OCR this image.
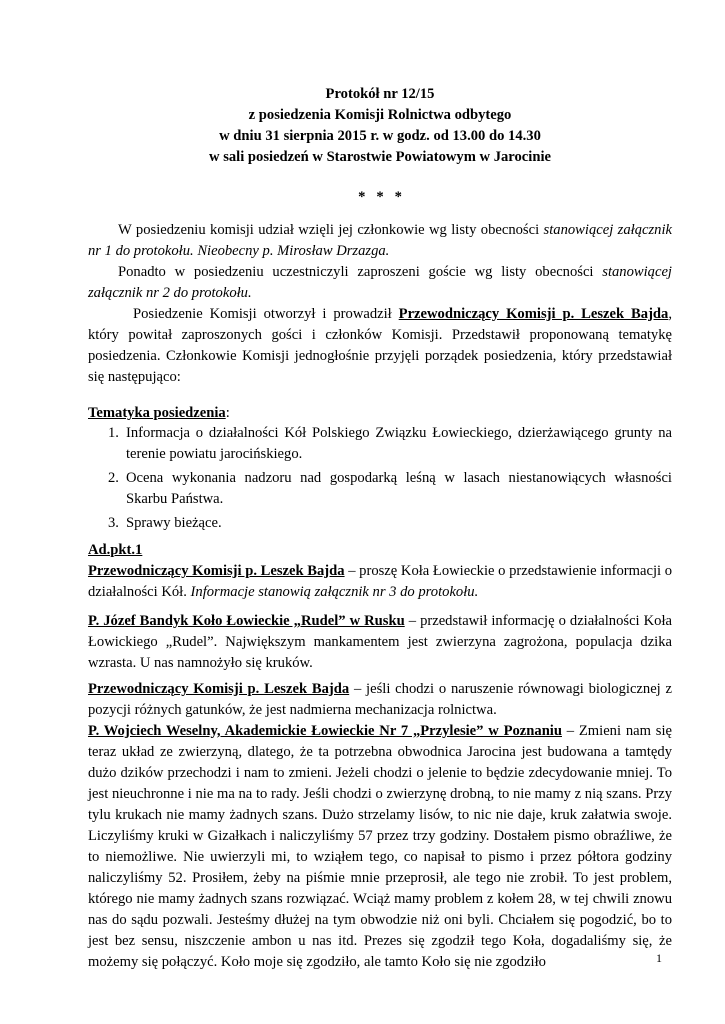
Protokół nr 12/15
z posiedzenia Komisji Rolnictwa odbytego
w dniu 31 sierpnia 2015 r. w godz. od 13.00 do 14.30
w sali posiedzeń w Starostwie Powiatowym w Jarocinie
*   *   *

W posiedzeniu komisji udział wzięli jej członkowie wg listy obecności stanowiącej załącznik nr 1 do protokołu. Nieobecny p. Mirosław Drzazga.

Ponadto w posiedzeniu uczestniczyli zaproszeni goście wg listy obecności stanowiącej załącznik nr 2 do protokołu.

Posiedzenie Komisji otworzył i prowadził Przewodniczący Komisji p. Leszek Bajda, który powitał zaproszonych gości i członków Komisji. Przedstawił proponowaną tematykę posiedzenia. Członkowie Komisji jednogłośnie przyjęli porządek posiedzenia, który przedstawiał się następująco:

Tematyka posiedzenia:
1. Informacja o działalności Kół Polskiego Związku Łowieckiego, dzierżawiącego grunty na terenie powiatu jarocińskiego.
2. Ocena wykonania nadzoru nad gospodarką leśną w lasach niestanowiących własności Skarbu Państwa.
3. Sprawy bieżące.

Ad.pkt.1

Przewodniczący Komisji p. Leszek Bajda – proszę Koła Łowieckie o przedstawienie informacji o działalności Kół. Informacje stanowią załącznik nr 3 do protokołu.

P. Józef Bandyk Koło Łowieckie „Rudel” w Rusku – przedstawił informację o działalności Koła Łowickiego „Rudel”. Największym mankamentem jest zwierzyna zagrożona, populacja dzika wzrasta. U nas namnożyło się kruków.

Przewodniczący Komisji p. Leszek Bajda – jeśli chodzi o naruszenie równowagi biologicznej z pozycji różnych gatunków, że jest nadmierna mechanizacja rolnictwa.

P. Wojciech Weselny, Akademickie Łowieckie Nr 7 „Przylesie” w Poznaniu – Zmieni nam się teraz układ ze zwierzyną, dlatego, że ta potrzebna obwodnica Jarocina jest budowana a tamtędy dużo dzików przechodzi i nam to zmieni. Jeżeli chodzi o jelenie to będzie zdecydowanie mniej. To jest nieuchronne i nie ma na to rady. Jeśli chodzi o zwierzynę drobną, to nie mamy z nią szans. Przy tylu krukach nie mamy żadnych szans. Dużo strzelamy lisów, to nic nie daje, kruk załatwia swoje. Liczyliśmy kruki w Gizałkach i naliczyliśmy 57 przez trzy godziny. Dostałem pismo obraźliwe, że to niemożliwe. Nie uwierzyli mi, to wziąłem tego, co napisał to pismo i przez półtora godziny naliczyliśmy 52. Prosiłem, żeby na piśmie mnie przeprosił, ale tego nie zrobił. To jest problem, którego nie mamy żadnych szans rozwiązać. Wciąż mamy problem z kołem 28, w tej chwili znowu nas do sądu pozwali. Jesteśmy dłużej na tym obwodzie niż oni byli. Chciałem się pogodzić, bo to jest bez sensu, niszczenie ambon u nas itd. Prezes się zgodził tego Koła, dogadaliśmy się, że możemy się połączyć. Koło moje się zgodziło, ale tamto Koło się nie zgodziło	1
